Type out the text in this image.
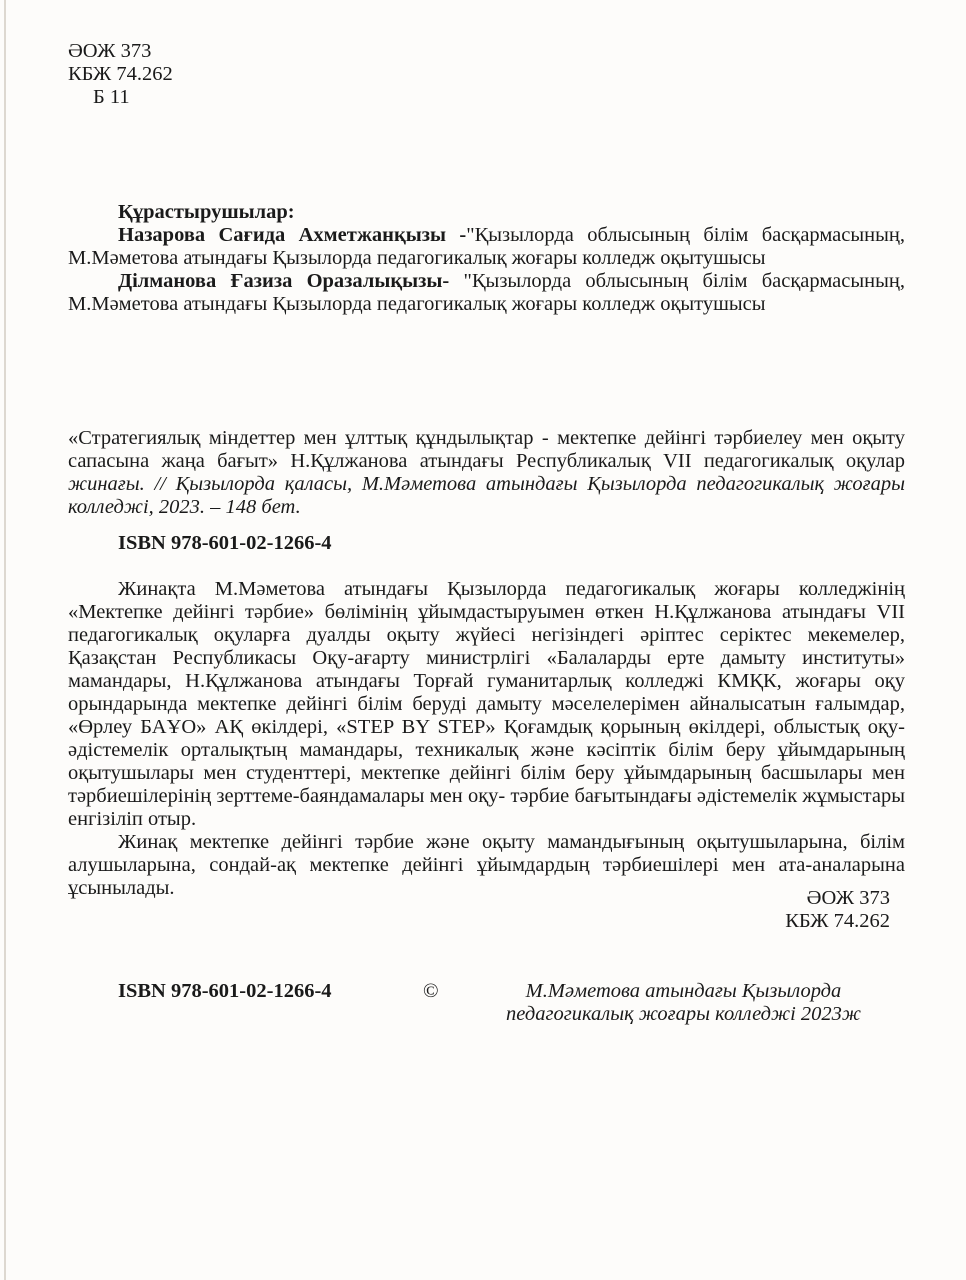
ӘОЖ 373
КБЖ 74.262
Б 11

Құрастырушылар:

Назарова Сағида Ахметжанқызы -"Қызылорда облысының білім басқармасының, М.Мәметова атындағы Қызылорда педагогикалық жоғары колледж оқытушысы

Ділманова Ғазиза Оразалықызы- "Қызылорда облысының білім басқармасының, М.Мәметова атындағы Қызылорда педагогикалық жоғары колледж оқытушысы

«Стратегиялық міндеттер мен ұлттық құндылықтар - мектепке дейінгі тәрбиелеу мен оқыту сапасына жаңа бағыт» Н.Құлжанова атындағы Республикалық VII педагогикалық оқулар жинағы. // Қызылорда қаласы, М.Мәметова атындағы Қызылорда педагогикалық жоғары колледжі, 2023. – 148 бет.

ISBN 978-601-02-1266-4

Жинақта М.Мәметова атындағы Қызылорда педагогикалық жоғары колледжінің «Мектепке дейінгі тәрбие» бөлімінің ұйымдастыруымен өткен Н.Құлжанова атындағы VII педагогикалық оқуларға дуалды оқыту жүйесі негізіндегі әріптес серіктес мекемелер, Қазақстан Республикасы Оқу-ағарту министрлігі «Балаларды ерте дамыту институты» мамандары, Н.Құлжанова атындағы Торғай гуманитарлық колледжі КМҚК, жоғары оқу орындарында мектепке дейінгі білім беруді дамыту мәселелерімен айналысатын ғалымдар, «Өрлеу БАҰО» АҚ өкілдері, «STEP BY STEP» Қоғамдық қорының өкілдері, облыстық оқу-әдістемелік орталықтың мамандары, техникалық және кәсіптік білім беру ұйымдарының оқытушылары мен студенттері, мектепке дейінгі білім беру ұйымдарының басшылары мен тәрбиешілерінің зерттеме-баяндамалары мен оқу- тәрбие бағытындағы әдістемелік жұмыстары енгізіліп отыр.

Жинақ мектепке дейінгі тәрбие және оқыту мамандығының оқытушыларына, білім алушыларына, сондай-ақ мектепке дейінгі ұйымдардың тәрбиешілері мен ата-аналарына ұсынылады.	ӘОЖ 373
КБЖ 74.262
ISBN 978-601-02-1266-4	©	М.Мәметова атындағы Қызылорда
педагогикалық жоғары колледжі 2023ж
